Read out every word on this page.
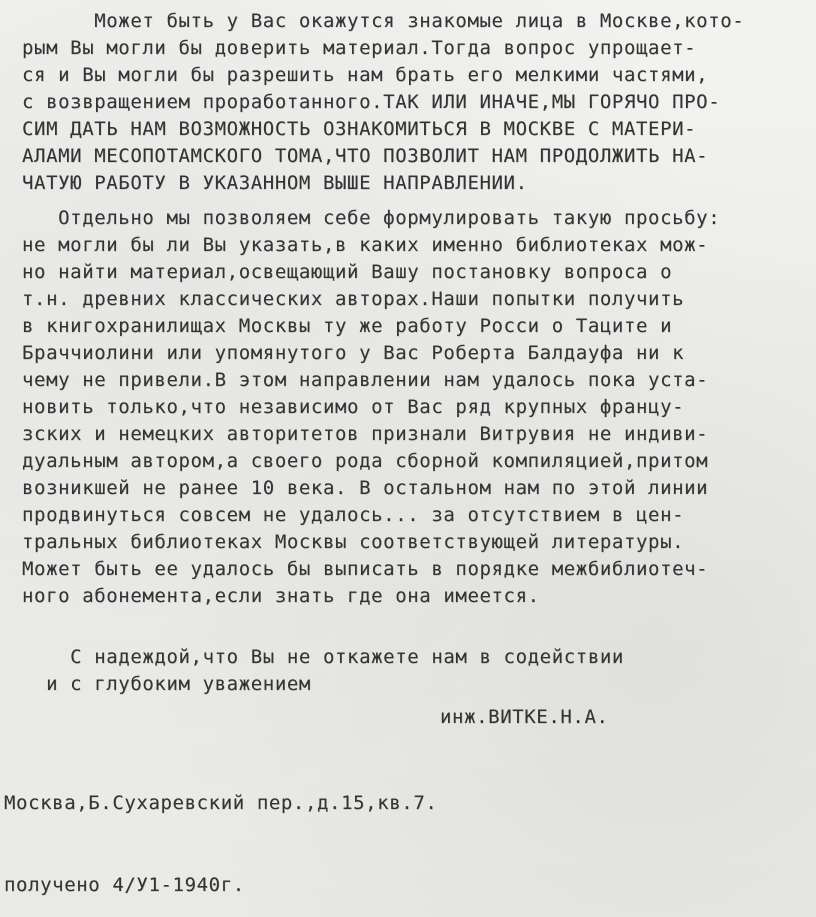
Может быть у Вас окажутся знакомые лица в Москве,кото-

рым Вы могли бы доверить материал.Тогда вопрос упрощает-

ся и Вы могли бы разрешить нам брать его мелкими частями,

с возвращением проработанного.ТАК ИЛИ ИНАЧЕ,МЫ ГОРЯЧО ПРО-

СИМ ДАТЬ НАМ ВОЗМОЖНОСТЬ ОЗНАКОМИТЬСЯ В МОСКВЕ С МАТЕРИ-

АЛАМИ МЕСОПОТАМСКОГО ТОМА,ЧТО ПОЗВОЛИТ НАМ ПРОДОЛЖИТЬ НА-

ЧАТУЮ РАБОТУ В УКАЗАННОМ ВЫШЕ НАПРАВЛЕНИИ.

Отдельно мы позволяем себе формулировать такую просьбу:

не могли бы ли Вы указать,в каких именно библиотеках мож-

но найти материал,освещающий Вашу постановку вопроса о

т.н. древних классических авторах.Наши попытки получить

в книгохранилищах Москвы ту же работу Росси о Таците и

Браччиолини или упомянутого у Вас Роберта Балдауфа ни к

чему не привели.В этом направлении нам удалось пока уста-

новить только,что независимо от Вас ряд крупных францу-

зских и немецких авторитетов признали Витрувия не индиви-

дуальным автором,а своего рода сборной компиляцией,притом

возникшей не ранее 10 века. В остальном нам по этой линии

продвинуться совсем не удалось... за отсутствием в цен-

тральных библиотеках Москвы соответствующей литературы.

Может быть ее удалось бы выписать в порядке межбиблиотеч-

ного абонемента,если знать где она имеется.

С надеждой,что Вы не откажете нам в содействии

и с глубоким уважением

инж.ВИТКЕ.Н.А.

Москва,Б.Сухаревский пер.,д.15,кв.7.

получено 4/У1-1940г.
